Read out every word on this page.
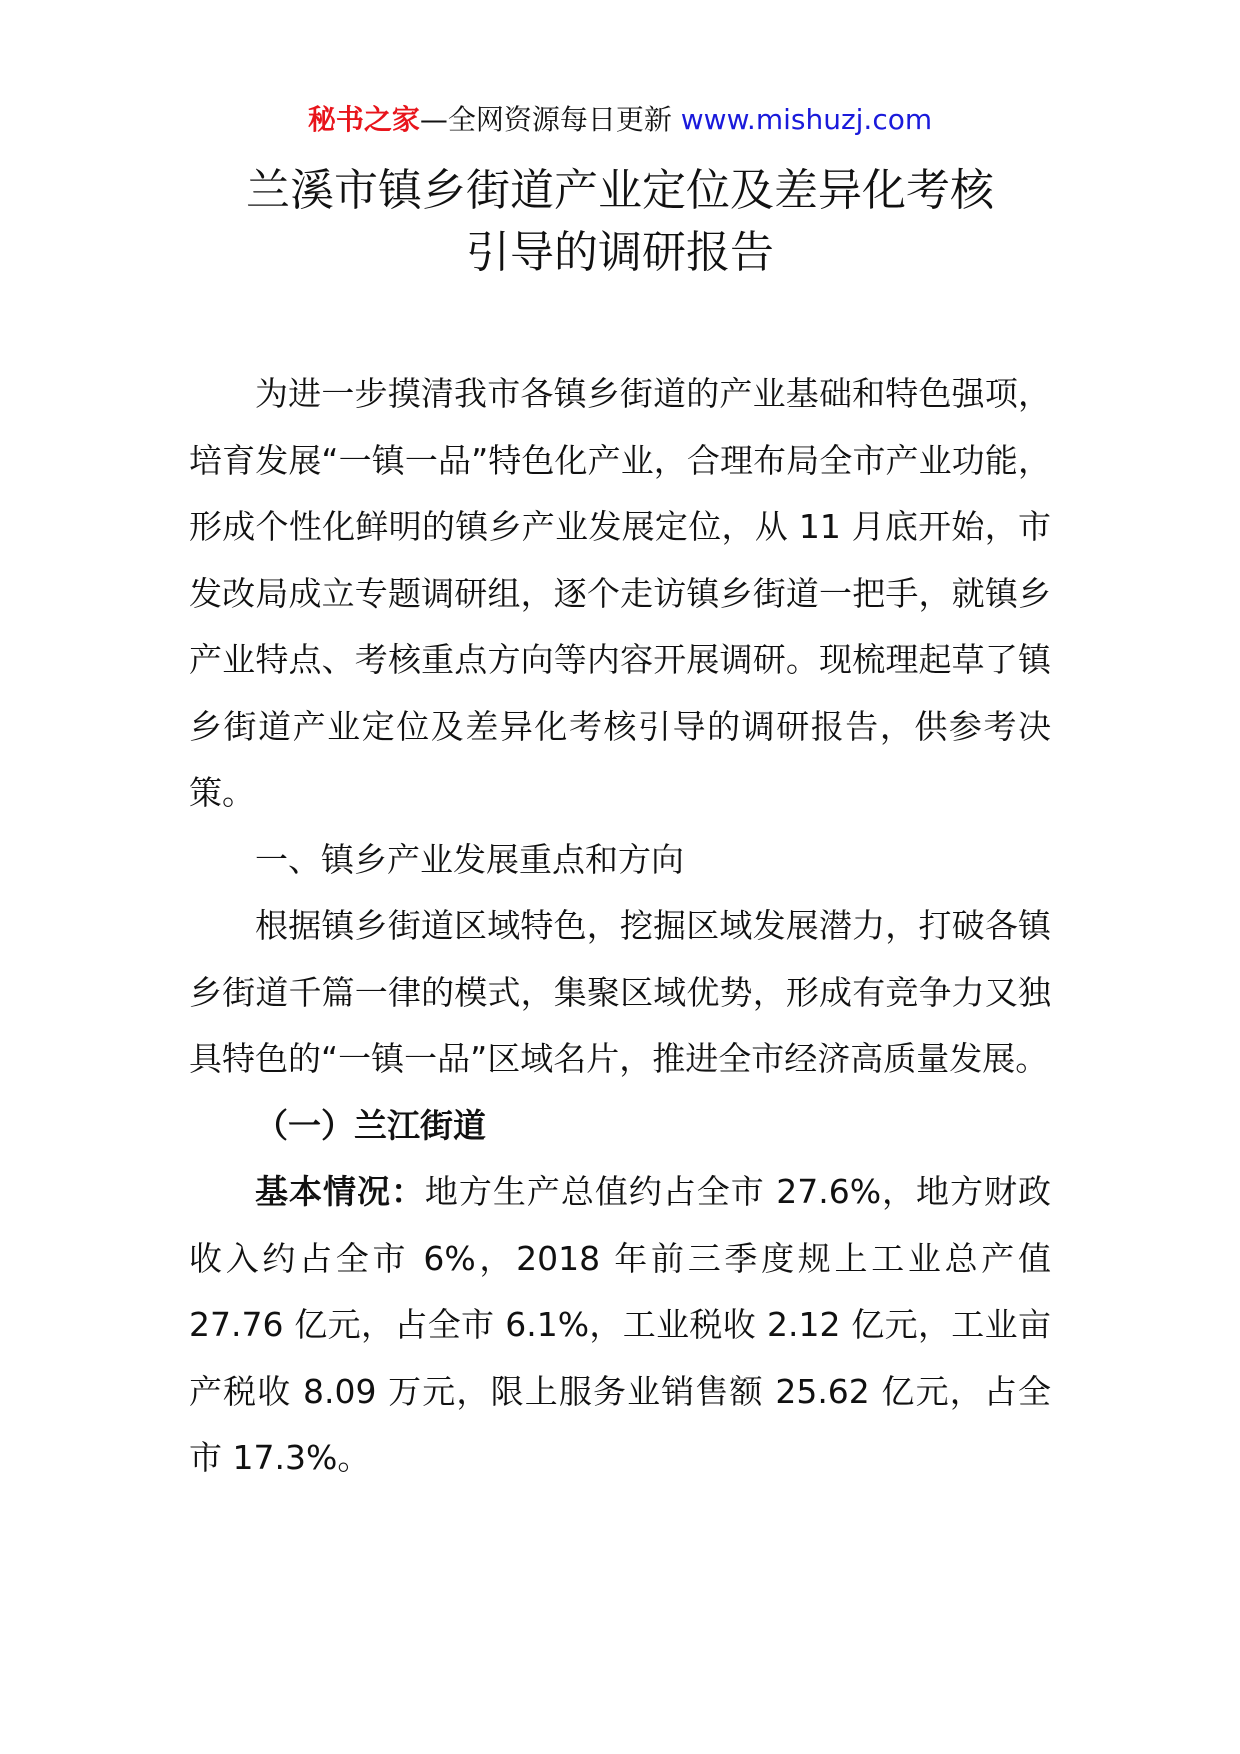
秘书之家—全网资源每日更新 www.mishuzj.com
兰溪市镇乡街道产业定位及差异化考核
引导的调研报告

为进一步摸清我市各镇乡街道的产业基础和特色强项，培育发展“一镇一品”特色化产业，合理布局全市产业功能，形成个性化鲜明的镇乡产业发展定位，从 11 月底开始，市发改局成立专题调研组，逐个走访镇乡街道一把手，就镇乡产业特点、考核重点方向等内容开展调研。现梳理起草了镇乡街道产业定位及差异化考核引导的调研报告，供参考决策。

一、镇乡产业发展重点和方向

根据镇乡街道区域特色，挖掘区域发展潜力，打破各镇乡街道千篇一律的模式，集聚区域优势，形成有竞争力又独具特色的“一镇一品”区域名片，推进全市经济高质量发展。

（一）兰江街道

基本情况：地方生产总值约占全市 27.6%，地方财政收入约占全市 6%，2018 年前三季度规上工业总产值 27.76 亿元，占全市 6.1%，工业税收 2.12 亿元，工业亩产税收 8.09 万元，限上服务业销售额 25.62 亿元，占全市 17.3%。
